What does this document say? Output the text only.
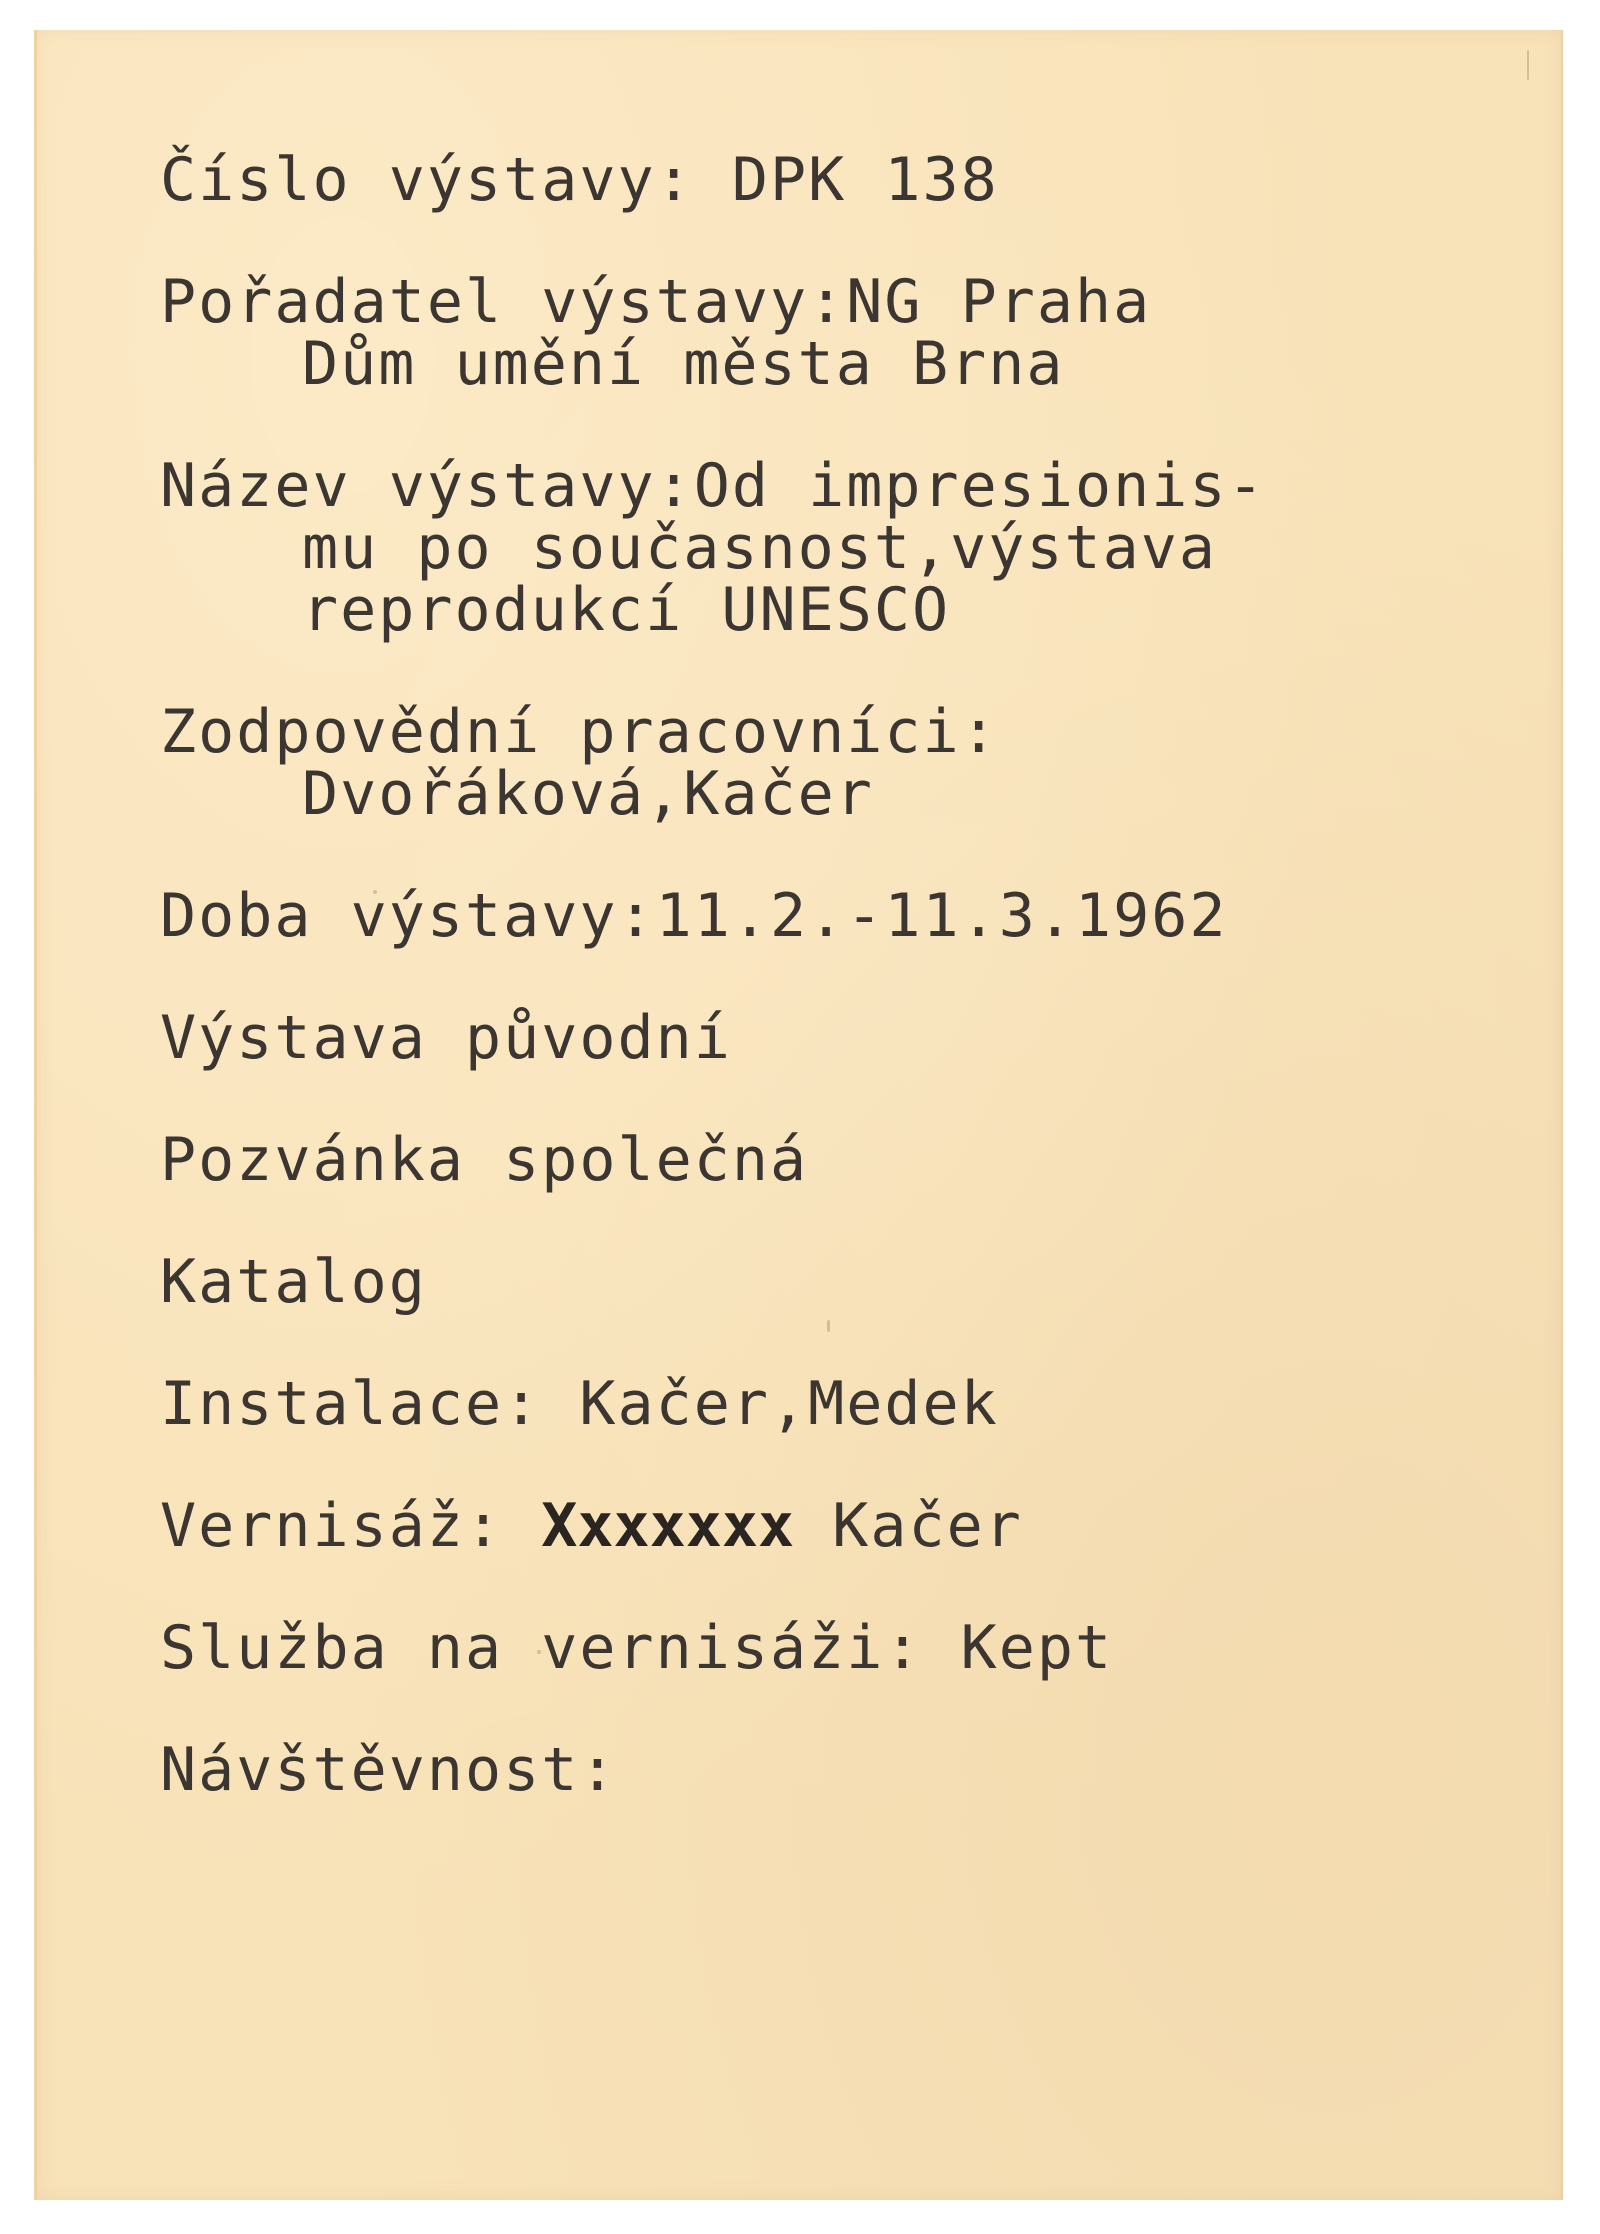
Číslo výstavy: DPK 138
Pořadatel výstavy:NG Praha
Dům umění města Brna
Název výstavy:Od impresionis-
mu po současnost,výstava
reprodukcí UNESCO
Zodpovědní pracovníci:
Dvořáková,Kačer
Doba výstavy:11.2.-11.3.1962
Výstava původní
Pozvánka společná
Katalog
Instalace: Kačer,Medek
Vernisáž: Xxxxxxx Kačer
Služba na vernisáži: Kept
Návštěvnost:
